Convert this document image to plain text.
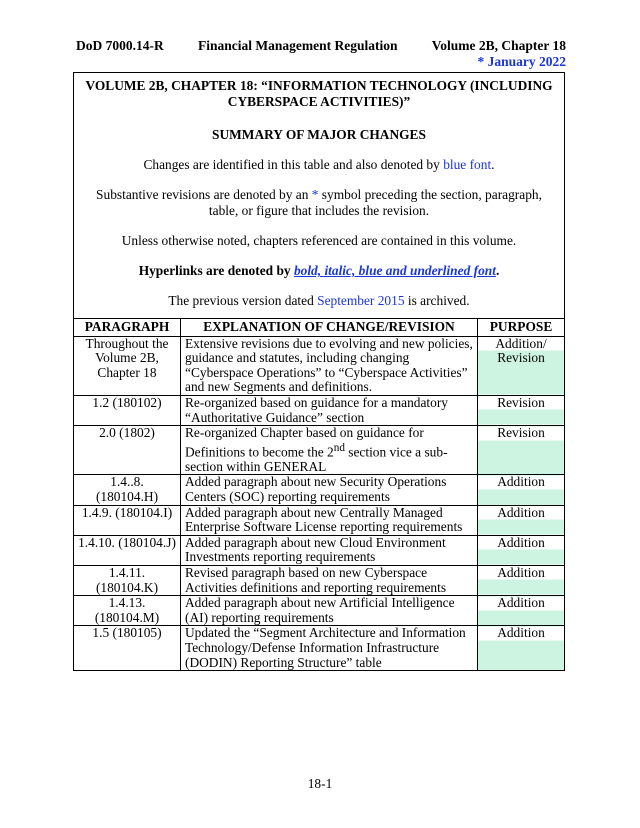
DoD 7000.14-R	Financial Management Regulation	Volume 2B, Chapter 18
* January 2022

VOLUME 2B, CHAPTER 18: “INFORMATION TECHNOLOGY (INCLUDING CYBERSPACE ACTIVITIES)”

SUMMARY OF MAJOR CHANGES

Changes are identified in this table and also denoted by blue font.

Substantive revisions are denoted by an * symbol preceding the section, paragraph, table, or figure that includes the revision.

Unless otherwise noted, chapters referenced are contained in this volume.

Hyperlinks are denoted by bold, italic, blue and underlined font.

The previous version dated September 2015 is archived.

PARAGRAPH	EXPLANATION OF CHANGE/REVISION	PURPOSE
Throughout the Volume 2B, Chapter 18	Extensive revisions due to evolving and new policies, guidance and statutes, including changing “Cyberspace Operations” to “Cyberspace Activities” and new Segments and definitions.	Addition/ Revision
1.2 (180102)	Re-organized based on guidance for a mandatory “Authoritative Guidance” section	Revision
2.0 (1802)	Re-organized Chapter based on guidance for Definitions to become the 2nd section vice a sub-section within GENERAL	Revision
1.4..8. (180104.H)	Added paragraph about new Security Operations Centers (SOC) reporting requirements	Addition
1.4.9. (180104.I)	Added paragraph about new Centrally Managed Enterprise Software License reporting requirements	Addition
1.4.10. (180104.J)	Added paragraph about new Cloud Environment Investments reporting requirements	Addition
1.4.11. (180104.K)	Revised paragraph based on new Cyberspace Activities definitions and reporting requirements	Addition
1.4.13. (180104.M)	Added paragraph about new Artificial Intelligence (AI) reporting requirements	Addition
1.5 (180105)	Updated the “Segment Architecture and Information Technology/Defense Information Infrastructure (DODIN) Reporting Structure” table	Addition
18-1
